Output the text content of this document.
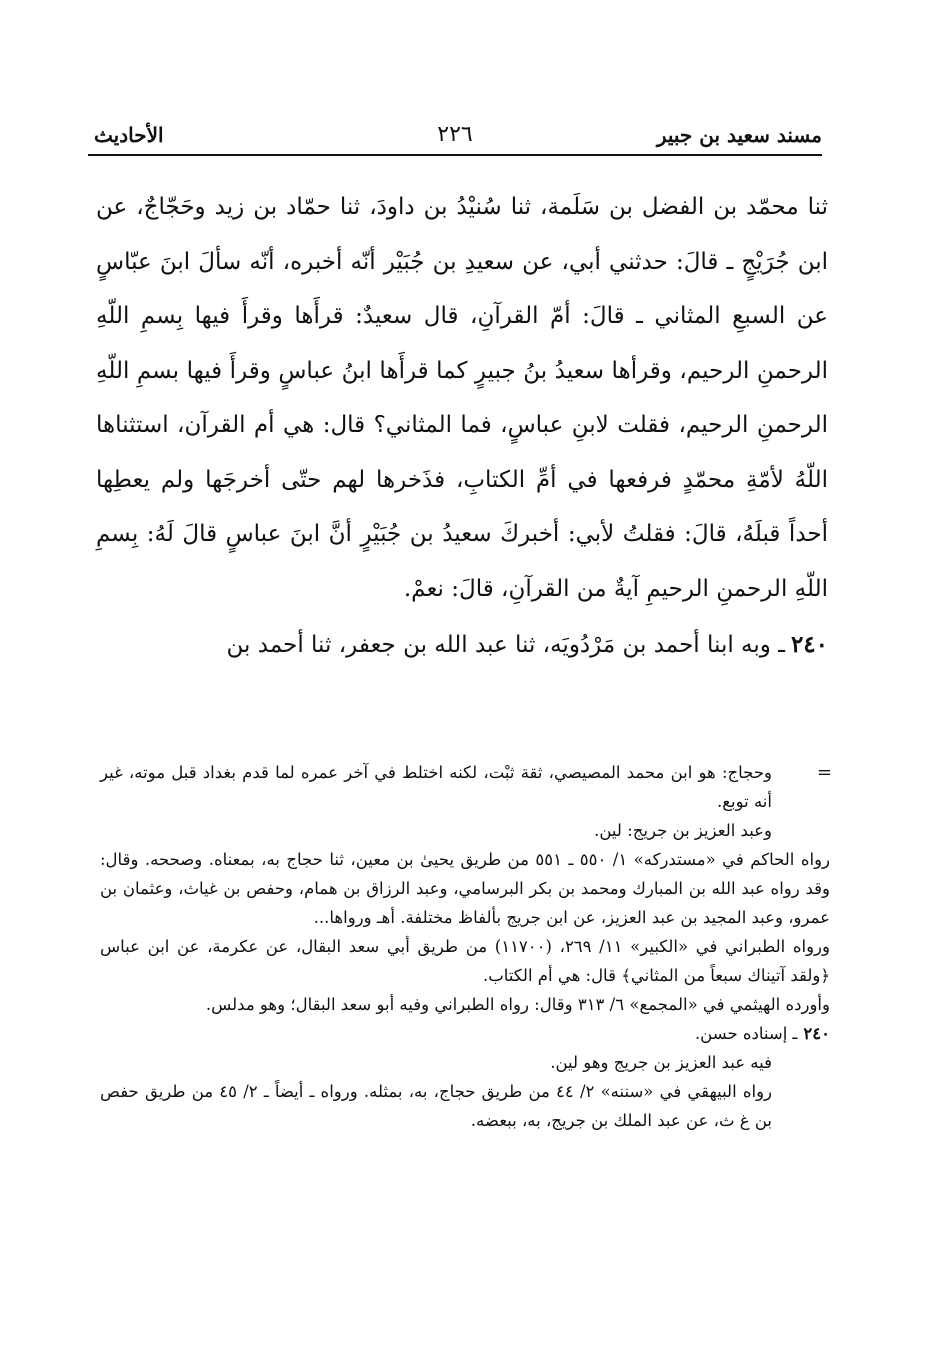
مسند سعيد بن جبير
٢٢٦
الأحاديث

ثنا محمّد بن الفضل بن سَلَمة، ثنا سُنيْدُ بن داودَ، ثنا حمّاد بن زيد وحَجّاجٌ، عن ابن جُرَيْجٍ ـ قالَ: حدثني أبي، عن سعيدِ بن جُبَيْر أنّه أخبره، أنّه سألَ ابنَ عبّاسٍ عن السبعِ المثاني ـ قالَ: أمّ القرآنِ، قال سعيدٌ: قرأَها وقرأَ فيها بِسمِ اللّهِ الرحمنِ الرحيم، وقرأها سعيدُ بنُ جبيرٍ كما قرأَها ابنُ عباسٍ وقرأَ فيها بسمِ اللّهِ الرحمنِ الرحيم، فقلت لابنِ عباسٍ، فما المثاني؟ قال: هي أم القرآن، استثناها اللّهُ لأمّةِ محمّدٍ فرفعها في أمِّ الكتابِ، فذَخرها لهم حتّى أخرجَها ولم يعطِها أحداً قبلَهُ، قالَ: فقلتُ لأبي: أخبركَ سعيدُ بن جُبَيْرٍ أنَّ ابنَ عباسٍ قالَ لَهُ: بِسمِ اللّهِ الرحمنِ الرحيمِ آيةٌ من القرآنِ، قالَ: نعمْ.

٢٤٠ـ وبه ابنا أحمد بن مَرْدُويَه، ثنا عبد الله بن جعفر، ثنا أحمد بن

=

وحجاج: هو ابن محمد المصيصي، ثقة ثبْت، لكنه اختلط في آخر عمره لما قدم بغداد قبل موته، غير أنه توبع.

وعبد العزيز بن جريج: لين.

رواه الحاكم في «مستدركه» ١/ ٥٥٠ ـ ٥٥١ من طريق يحيىٰ بن معين، ثنا حجاج به، بمعناه. وصححه. وقال: وقد رواه عبد الله بن المبارك ومحمد بن بكر البرسامي، وعبد الرزاق بن همام، وحفص بن غياث، وعثمان بن عمرو، وعبد المجيد بن عبد العزيز، عن ابن جريج بألفاظ مختلفة. أهـ ورواها...

ورواه الطبراني في «الكبير» ١١/ ٢٦٩، (١١٧٠٠) من طريق أبي سعد البقال، عن عكرمة، عن ابن عباس ﴿ولقد آتيناك سبعاً من المثاني﴾ قال: هي أم الكتاب.

وأورده الهيثمي في «المجمع» ٦/ ٣١٣ وقال: رواه الطبراني وفيه أبو سعد البقال؛ وهو مدلس.

٢٤٠ـ إسناده حسن.

فيه عبد العزيز بن جريج وهو لين.

رواه البيهقي في «سننه» ٢/ ٤٤ من طريق حجاج، به، بمثله. ورواه ـ أيضاً ـ ٢/ ٤٥ من طريق حفص بن غ ث، عن عبد الملك بن جريج، به، ببعضه.
